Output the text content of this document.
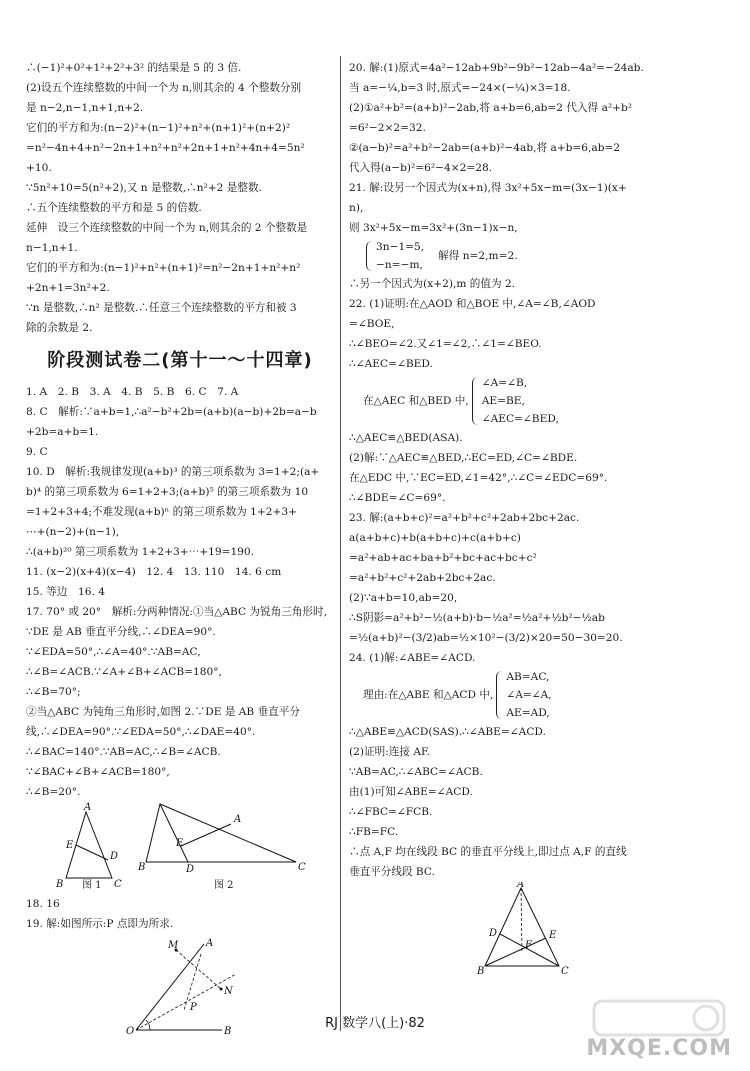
∴(−1)²+0²+1²+2²+3² 的结果是 5 的 3 倍.
(2)设五个连续整数的中间一个为 n,则其余的 4 个整数分别
是 n−2,n−1,n+1,n+2.
它们的平方和为:(n−2)²+(n−1)²+n²+(n+1)²+(n+2)²
=n²−4n+4+n²−2n+1+n²+n²+2n+1+n²+4n+4=5n²
+10.
∵5n²+10=5(n²+2),又 n 是整数,∴n²+2 是整数.
∴五个连续整数的平方和是 5 的倍数.
延伸　设三个连续整数的中间一个为 n,则其余的 2 个整数是
n−1,n+1.
它们的平方和为:(n−1)²+n²+(n+1)²=n²−2n+1+n²+n²
+2n+1=3n²+2.
∵n 是整数,∴n² 是整数.∴任意三个连续整数的平方和被 3
除的余数是 2.
阶段测试卷二(第十一～十四章)
1. A　2. B　3. A　4. B　5. B　6. C　7. A
8. C　解析:∵a+b=1,∴a²−b²+2b=(a+b)(a−b)+2b=a−b
+2b=a+b=1.
9. C
10. D　解析:我规律发现(a+b)³ 的第三项系数为 3=1+2;(a+
b)⁴ 的第三项系数为 6=1+2+3;(a+b)⁵ 的第三项系数为 10
=1+2+3+4;不难发现(a+b)ⁿ 的第三项系数为 1+2+3+
⋯+(n−2)+(n−1),
∴(a+b)²⁰ 第三项系数为 1+2+3+⋯+19=190.
11. (x−2)(x+4)(x−4)　12. 4　13. 110　14. 6 cm
15. 等边　16. 4
17. 70° 或 20°　解析:分两种情况:①当△ABC 为锐角三角形时,
∵DE 是 AB 垂直平分线,∴∠DEA=90°.
∵∠EDA=50°,∴∠A=40°.∵AB=AC,
∴∠B=∠ACB.∵∠A+∠B+∠ACB=180°,
∴∠B=70°;
②当△ABC 为钝角三角形时,如图 2.∵DE 是 AB 垂直平分
线,∴∠DEA=90°.∵∠EDA=50°,∴∠DAE=40°.
∴∠BAC=140°.∵AB=AC,∴∠B=∠ACB.
∵∠BAC+∠B+∠ACB=180°,
∴∠B=20°.
A
E
D
B	C
B	C
A
E
D
图 1	图 2
18. 16
19. 解:如图所示:P 点即为所求.
A
M
N
P
O	B
20. 解:(1)原式=4a²−12ab+9b²−9b²−12ab−4a²=−24ab.
当 a=−¼,b=3 时,原式=−24×(−¼)×3=18.
(2)①a²+b²=(a+b)²−2ab,将 a+b=6,ab=2 代入得 a²+b²
=6²−2×2=32.
②(a−b)²=a²+b²−2ab=(a+b)²−4ab,将 a+b=6,ab=2
代入得(a−b)²=6²−4×2=28.
21. 解:设另一个因式为(x+n),得 3x²+5x−m=(3x−1)(x+
n),
则 3x²+5x−m=3x²+(3n−1)x−n,
3n−1=5,
−n=−m,
解得 n=2,m=2.
∴另一个因式为(x+2),m 的值为 2.
22. (1)证明:在△AOD 和△BOE 中,∠A=∠B,∠AOD
=∠BOE,
∴∠BEO=∠2.又∠1=∠2,∴∠1=∠BEO.
∴∠AEC=∠BED.
在△AEC 和△BED 中,
∠A=∠B,
AE=BE,
∠AEC=∠BED,
∴△AEC≌△BED(ASA).
(2)解:∵△AEC≌△BED,∴EC=ED,∠C=∠BDE.
在△EDC 中,∵EC=ED,∠1=42°,∴∠C=∠EDC=69°.
∴∠BDE=∠C=69°.
23. 解:(a+b+c)²=a²+b²+c²+2ab+2bc+2ac.
a(a+b+c)+b(a+b+c)+c(a+b+c)
=a²+ab+ac+ba+b²+bc+ac+bc+c²
=a²+b²+c²+2ab+2bc+2ac.
(2)∵a+b=10,ab=20,
∴S阴影=a²+b²−½(a+b)·b−½a²=½a²+½b²−½ab
=½(a+b)²−(3/2)ab=½×10²−(3/2)×20=50−30=20.
24. (1)解:∠ABE=∠ACD.
理由:在△ABE 和△ACD 中,
AB=AC,
∠A=∠A,
AE=AD,
∴△ABE≌△ACD(SAS).∴∠ABE=∠ACD.
(2)证明:连接 AF.
∵AB=AC,∴∠ABC=∠ACB.
由(1)可知∠ABE=∠ACD.
∴∠FBC=∠FCB.
∴FB=FC.
∴点 A,F 均在线段 BC 的垂直平分线上,即过点 A,F 的直线
垂直平分线段 BC.
A
D	E
F
B	C
RJ 数学八(上)·82
MXQE.COM
